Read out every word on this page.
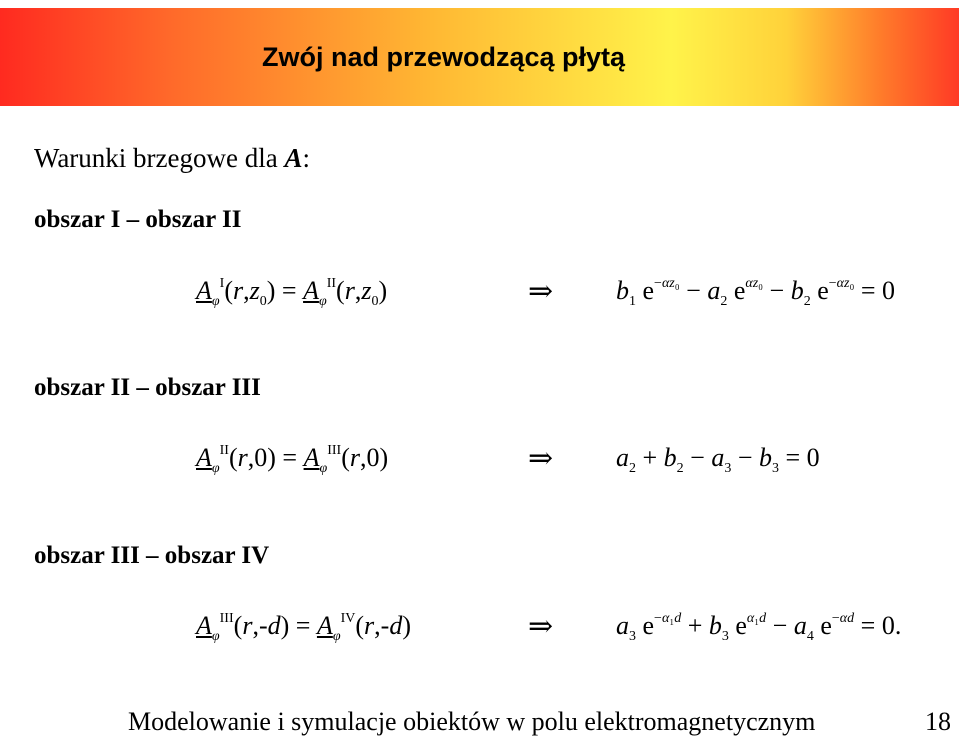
Zwój nad przewodzącą płytą
Warunki brzegowe dla A:
obszar I – obszar II
$A_\varphi^I(r,z_0) = A_\varphi^{II}(r,z_0)$	⇒ $b_1$ $e^{-\alpha z_0} - a_2$ $e^{\alpha z_0} - b_2$ $e^{-\alpha z_0} = 0$
obszar II – obszar III
$A_\varphi^{II}(r,0) = A_\varphi^{III}(r,0)$	⇒ $a_2 + b_2 - a_3 - b_3 = 0$
obszar III – obszar IV
$A_\varphi^{III}(r,-d) = A_\varphi^{IV}(r,-d)$	⇒ $a_3$ $e^{-\alpha_1d} + b_3$ $e^{\alpha_1d} - a_4$ $e^{-\alpha d} = 0$.
Modelowanie i symulacje obiektów w polu elektromagnetycznym	18
